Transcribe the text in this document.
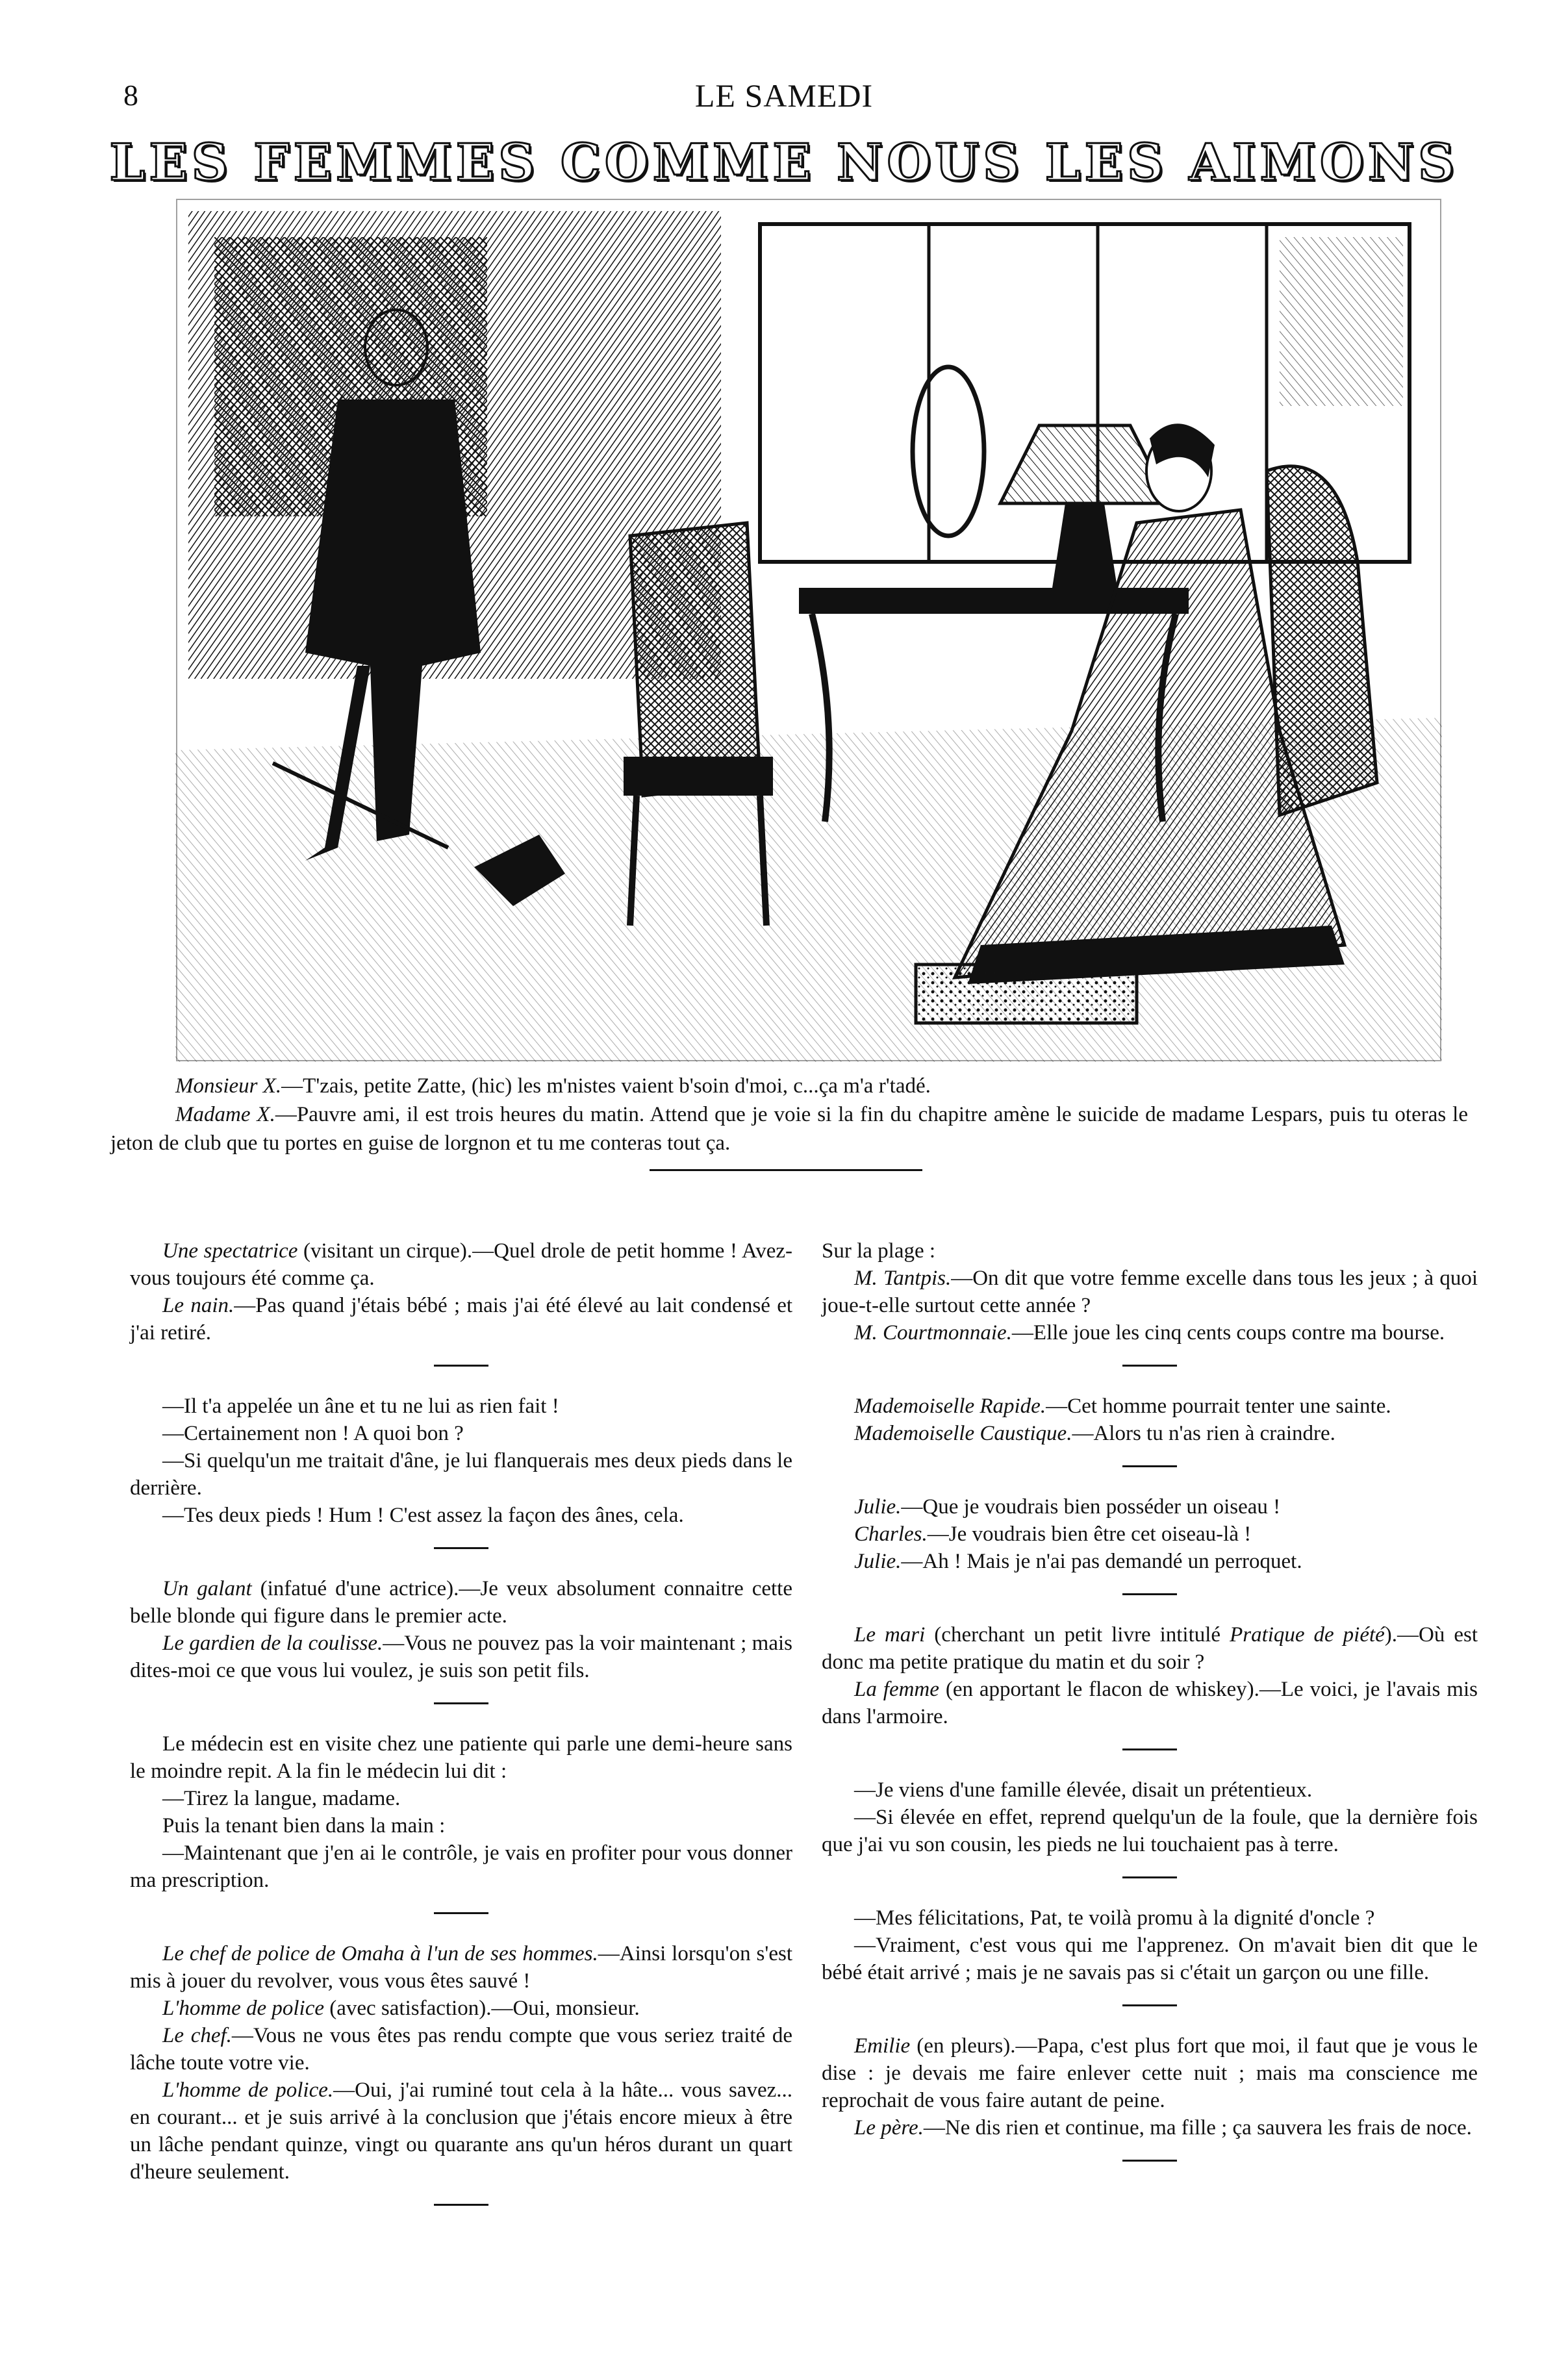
8	LE SAMEDI
LES FEMMES COMME NOUS LES AIMONS

Monsieur X.—T'zais, petite Zatte, (hic) les m'nistes vaient b'soin d'moi, c...ça m'a r'tadé.

Madame X.—Pauvre ami, il est trois heures du matin. Attend que je voie si la fin du chapitre amène le suicide de madame Lespars, puis tu oteras le jeton de club que tu portes en guise de lorgnon et tu me conteras tout ça.

Une spectatrice (visitant un cirque).—Quel drole de petit homme ! Avez-vous toujours été comme ça.

Le nain.—Pas quand j'étais bébé ; mais j'ai été élevé au lait condensé et j'ai retiré.

—Il t'a appelée un âne et tu ne lui as rien fait !

—Certainement non ! A quoi bon ?

—Si quelqu'un me traitait d'âne, je lui flanquerais mes deux pieds dans le derrière.

—Tes deux pieds ! Hum ! C'est assez la façon des ânes, cela.

Un galant (infatué d'une actrice).—Je veux absolument connaitre cette belle blonde qui figure dans le premier acte.

Le gardien de la coulisse.—Vous ne pouvez pas la voir maintenant ; mais dites-moi ce que vous lui voulez, je suis son petit fils.

Le médecin est en visite chez une patiente qui parle une demi-heure sans le moindre repit. A la fin le médecin lui dit :

—Tirez la langue, madame.

Puis la tenant bien dans la main :

—Maintenant que j'en ai le contrôle, je vais en profiter pour vous donner ma prescription.

Le chef de police de Omaha à l'un de ses hommes.—Ainsi lorsqu'on s'est mis à jouer du revolver, vous vous êtes sauvé !

L'homme de police (avec satisfaction).—Oui, monsieur.

Le chef.—Vous ne vous êtes pas rendu compte que vous seriez traité de lâche toute votre vie.

L'homme de police.—Oui, j'ai ruminé tout cela à la hâte... vous savez... en courant... et je suis arrivé à la conclusion que j'étais encore mieux à être un lâche pendant quinze, vingt ou quarante ans qu'un héros durant un quart d'heure seulement.

Sur la plage :

M. Tantpis.—On dit que votre femme excelle dans tous les jeux ; à quoi joue-t-elle surtout cette année ?

M. Courtmonnaie.—Elle joue les cinq cents coups contre ma bourse.

Mademoiselle Rapide.—Cet homme pourrait tenter une sainte.

Mademoiselle Caustique.—Alors tu n'as rien à craindre.

Julie.—Que je voudrais bien posséder un oiseau !

Charles.—Je voudrais bien être cet oiseau-là !

Julie.—Ah ! Mais je n'ai pas demandé un perroquet.

Le mari (cherchant un petit livre intitulé Pratique de piété).—Où est donc ma petite pratique du matin et du soir ?

La femme (en apportant le flacon de whiskey).—Le voici, je l'avais mis dans l'armoire.

—Je viens d'une famille élevée, disait un prétentieux.

—Si élevée en effet, reprend quelqu'un de la foule, que la dernière fois que j'ai vu son cousin, les pieds ne lui touchaient pas à terre.

—Mes félicitations, Pat, te voilà promu à la dignité d'oncle ?

—Vraiment, c'est vous qui me l'apprenez. On m'avait bien dit que le bébé était arrivé ; mais je ne savais pas si c'était un garçon ou une fille.

Emilie (en pleurs).—Papa, c'est plus fort que moi, il faut que je vous le dise : je devais me faire enlever cette nuit ; mais ma conscience me reprochait de vous faire autant de peine.

Le père.—Ne dis rien et continue, ma fille ; ça sauvera les frais de noce.
